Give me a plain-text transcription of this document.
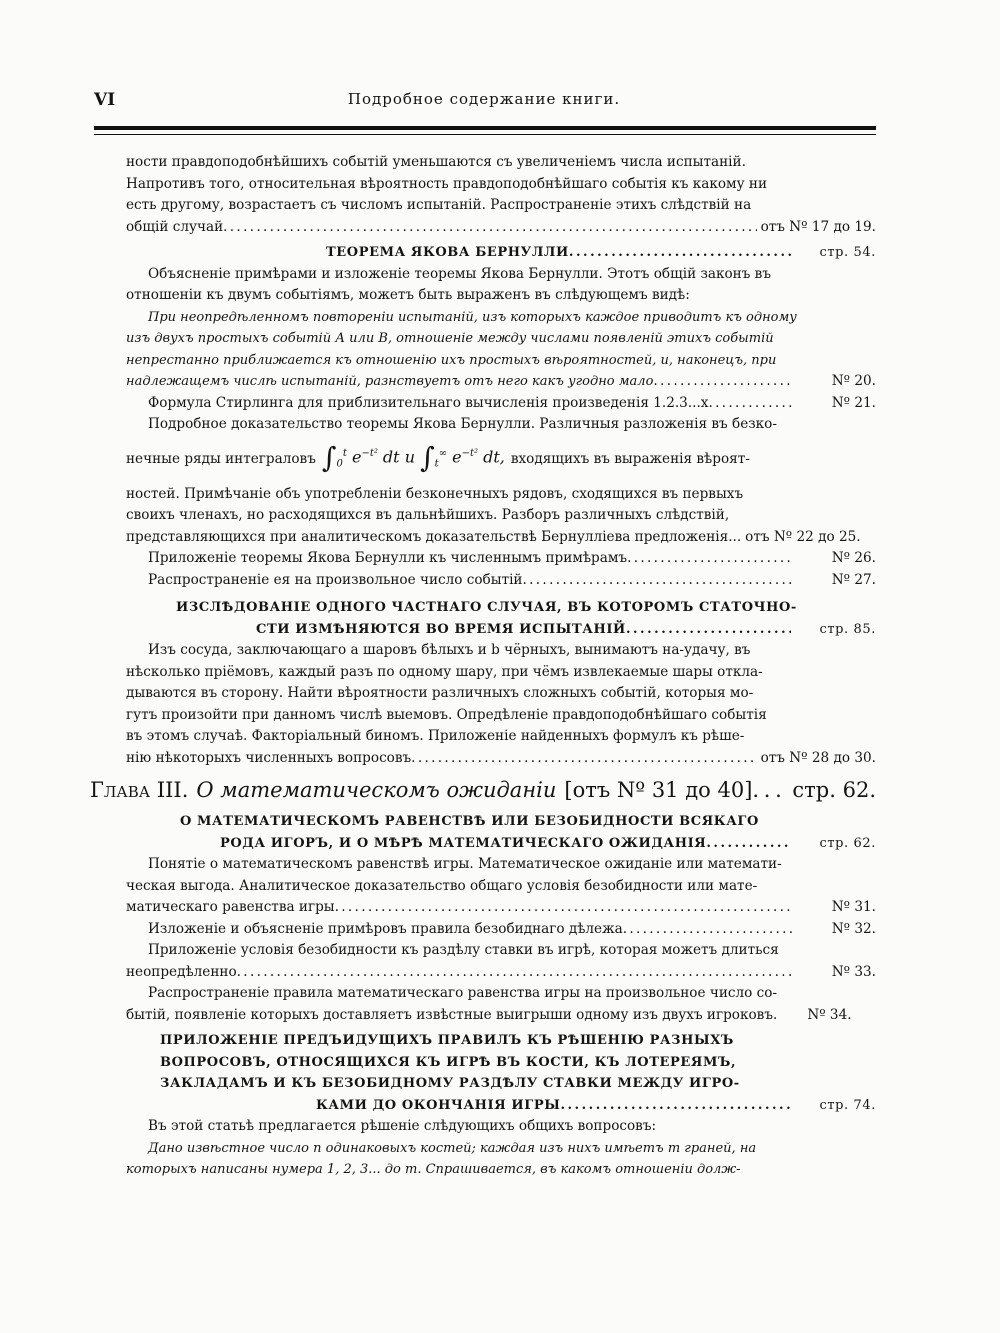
VI	Подробное содержание книги.
ности правдоподобнѣйшихъ событій уменьшаются съ увеличеніемъ числа испытаній.
Напротивъ того, относительная вѣроятность правдоподобнѣйшаго событія къ какому ни
есть другому, возрастаетъ съ числомъ испытаній. Распространеніе этихъ слѣдствій на
общій случай . . .	отъ Nº 17 до 19.
ТЕОРЕМА ЯКОВА БЕРНУЛЛИ . . .	стр. 54.
Объясненіе примѣрами и изложеніе теоремы Якова Бернулли. Этотъ общій законъ въ
отношеніи къ двумъ событіямъ, можетъ быть выраженъ въ слѣдующемъ видѣ:
При неопредѣленномъ повтореніи испытаній, изъ которыхъ каждое приводитъ къ одному
изъ двухъ простыхъ событій А или В, отношеніе между числами появленій этихъ событій
непрестанно приближается къ отношенію ихъ простыхъ вѣроятностей, и, наконецъ, при
надлежащемъ числѣ испытаній, разнствуетъ отъ него какъ угодно мало . . .	Nº 20.
Формула Стирлинга для приблизительнаго вычисленія произведенія 1.2.3...x . . .	Nº 21.
Подробное доказательство теоремы Якова Бернулли. Различныя разложенія въ безко-
нечные ряды интеграловъ $\int_0^t$ $e^{-t^2}$ dt и $\int_t^\infty$ $e^{-t^2}$ dt, входящихъ въ выраженія вѣроят-
ностей. Примѣчаніе объ употребленіи безконечныхъ рядовъ, сходящихся въ первыхъ
своихъ членахъ, но расходящихся въ дальнѣйшихъ. Разборъ различныхъ слѣдствій,
представляющихся при аналитическомъ доказательствѣ Бернуллiева предложенія... отъ Nº 22 до 25.
Приложеніе теоремы Якова Бернулли къ численнымъ примѣрамъ . . .	Nº 26.
Распространеніе ея на произвольное число событій . . .	Nº 27.
ИЗСЛѢДОВАНІЕ ОДНОГО ЧАСТНАГО СЛУЧАЯ, ВЪ КОТОРОМЪ СТАТОЧНО-
СТИ ИЗМѢНЯЮТСЯ ВО ВРЕМЯ ИСПЫТАНІЙ . . .	стр. 85.
Изъ сосуда, заключающаго a шаровъ бѣлыхъ и b чёрныхъ, вынимаютъ на-удачу, въ
нѣсколько пріёмовъ, каждый разъ по одному шару, при чёмъ извлекаемые шары откла-
дываются въ сторону. Найти вѣроятности различныхъ сложныхъ событій, которыя мо-
гутъ произойти при данномъ числѣ выемовъ. Опредѣленіе правдоподобнѣйшаго событія
въ этомъ случаѣ. Факторіальный биномъ. Приложеніе найденныхъ формулъ къ рѣше-
нію нѣкоторыхъ численныхъ вопросовъ . . .	отъ Nº 28 до 30.
Глава III. О математическомъ ожиданіи [отъ Nº 31 до 40] . . . стр. 62.
О МАТЕМАТИЧЕСКОМЪ РАВЕНСТВѢ ИЛИ БЕЗОБИДНОСТИ ВСЯКАГО
РОДА ИГОРЪ, И О МѢРѢ МАТЕМАТИЧЕСКАГО ОЖИДАНІЯ . . .	стр. 62.
Понятіе о математическомъ равенствѣ игры. Математическое ожиданіе или математи-
ческая выгода. Аналитическое доказательство общаго условія безобидности или мате-
матическаго равенства игры . . .	Nº 31.
Изложеніе и объясненіе примѣровъ правила безобиднаго дѣлежа . . .	Nº 32.
Приложеніе условія безобидности къ раздѣлу ставки въ игрѣ, которая можетъ длиться
неопредѣленно . . .	Nº 33.
Распространеніе правила математическаго равенства игры на произвольное число со-
бытій, появленіе которыхъ доставляетъ извѣстные выигрыши одному изъ двухъ игроковъ.	Nº 34.
ПРИЛОЖЕНІЕ ПРЕДЪИДУЩИХЪ ПРАВИЛЪ КЪ РѢШЕНІЮ РАЗНЫХЪ
ВОПРОСОВЪ, ОТНОСЯЩИХСЯ КЪ ИГРѢ ВЪ КОСТИ, КЪ ЛОТЕРЕЯМЪ,
ЗАКЛАДАМЪ И КЪ БЕЗОБИДНОМУ РАЗДѢЛУ СТАВКИ МЕЖДУ ИГРО-
КАМИ ДО ОКОНЧАНІЯ ИГРЫ . . .	стр. 74.
Въ этой статьѣ предлагается рѣшеніе слѣдующихъ общихъ вопросовъ:
Дано извѣстное число n одинаковыхъ костей; каждая изъ нихъ имѣетъ m граней, на
которыхъ написаны нумера 1, 2, 3... до m. Спрашивается, въ какомъ отношеніи долж-
